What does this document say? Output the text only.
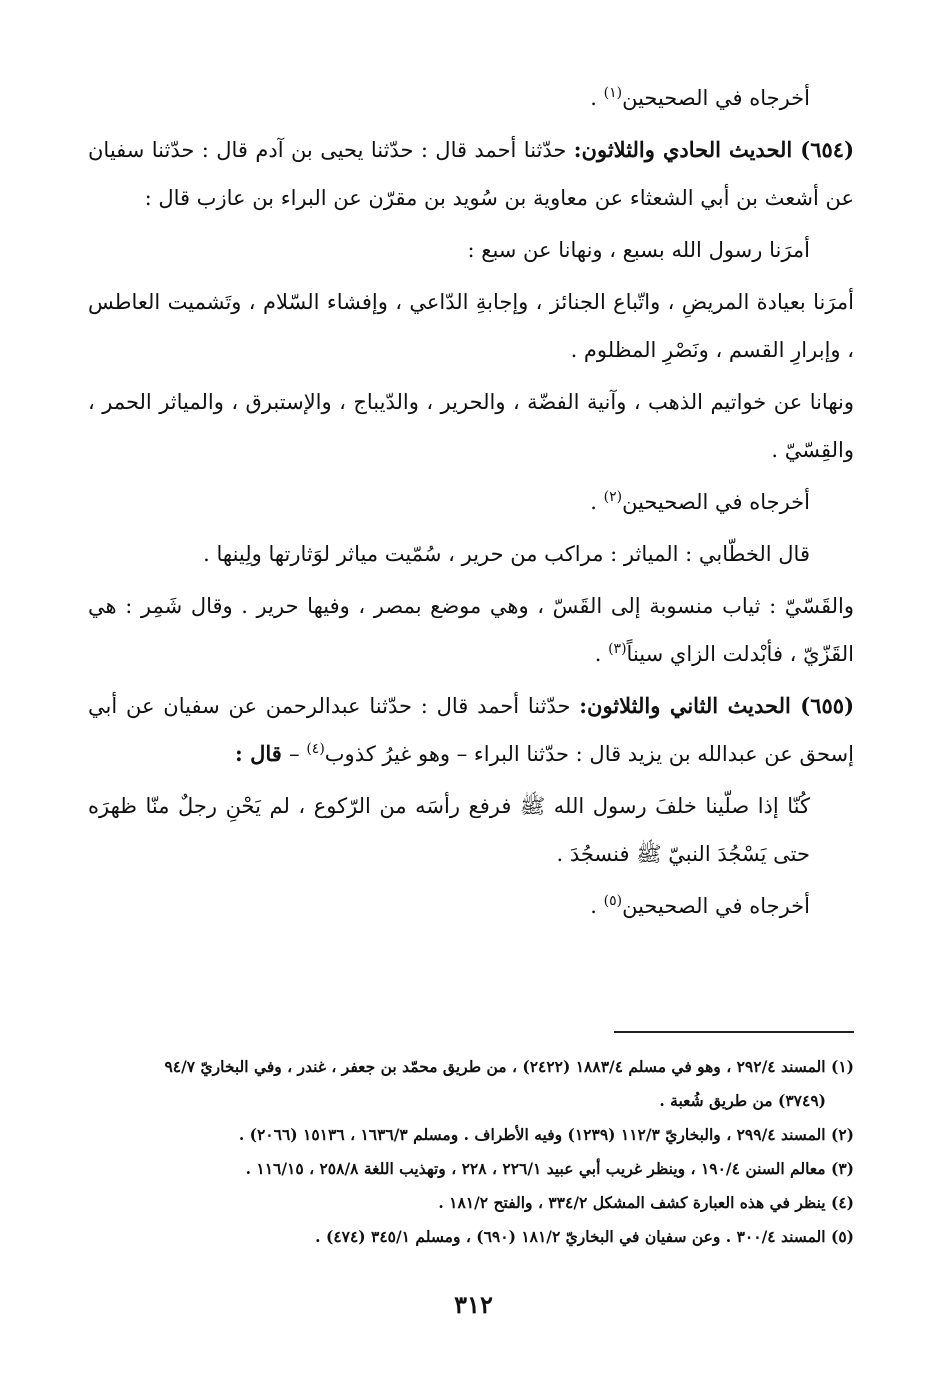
أخرجاه في الصحيحين$^{(١)}$ .

(٦٥٤) الحديث الحادي والثلاثون: حدّثنا أحمد قال : حدّثنا يحيى بن آدم قال : حدّثنا سفيان عن أشعث بن أبي الشعثاء عن معاوية بن سُويد بن مقرّن عن البراء بن عازب قال :

أمرَنا رسول الله بسبع ، ونهانا عن سبع :

أمرَنا بعيادة المريضِ ، واتّباع الجنائز ، وإجابةِ الدّاعي ، وإفشاء السّلام ، وتَشميت العاطس ، وإبرارِ القسم ، ونَصْرِ المظلوم .

ونهانا عن خواتيم الذهب ، وآنية الفضّة ، والحرير ، والدّيباج ، والإستبرق ، والمياثر الحمر ، والقِسّيّ .

أخرجاه في الصحيحين$^{(٢)}$ .

قال الخطّابي : المياثر : مراكب من حرير ، سُمّيت مياثر لوَثارتها ولِينها .

والقَسّيّ : ثياب منسوبة إلى القَسّ ، وهي موضع بمصر ، وفيها حرير . وقال شَمِر : هي القَزّيّ ، فأبْدلت الزاي سيناً$^{(٣)}$ .

(٦٥٥) الحديث الثاني والثلاثون: حدّثنا أحمد قال : حدّثنا عبدالرحمن عن سفيان عن أبي إسحق عن عبدالله بن يزيد قال : حدّثنا البراء – وهو غيرُ كذوب$^{(٤)}$ – قال :

كُنّا إذا صلّينا خلفَ رسول الله ﷺ فرفع رأسَه من الرّكوع ، لم يَحْنِ رجلٌ منّا ظهرَه حتى يَسْجُدَ النبيّ ﷺ فنسجُدَ .

أخرجاه في الصحيحين$^{(٥)}$ .

(١) المسند ٢٩٢/٤ ، وهو في مسلم ١٨٨٣/٤ (٢٤٢٢) ، من طريق محمّد بن جعفر ، غندر ، وفي البخاريّ ٩٤/٧

(٣٧٤٩) من طريق شُعبة .

(٢) المسند ٢٩٩/٤ ، والبخاريّ ١١٢/٣ (١٢٣٩) وفيه الأطراف . ومسلم ١٦٣٦/٣ ، ١٥١٣٦ (٢٠٦٦) .

(٣) معالم السنن ١٩٠/٤ ، وينظر غريب أبي عبيد ٢٢٦/١ ، ٢٢٨ ، وتهذيب اللغة ٢٥٨/٨ ، ١١٦/١٥ .

(٤) ينظر في هذه العبارة كشف المشكل ٣٣٤/٢ ، والفتح ١٨١/٢ .

(٥) المسند ٣٠٠/٤ . وعن سفيان في البخاريّ ١٨١/٢ (٦٩٠) ، ومسلم ٣٤٥/١ (٤٧٤) .

٣١٢
